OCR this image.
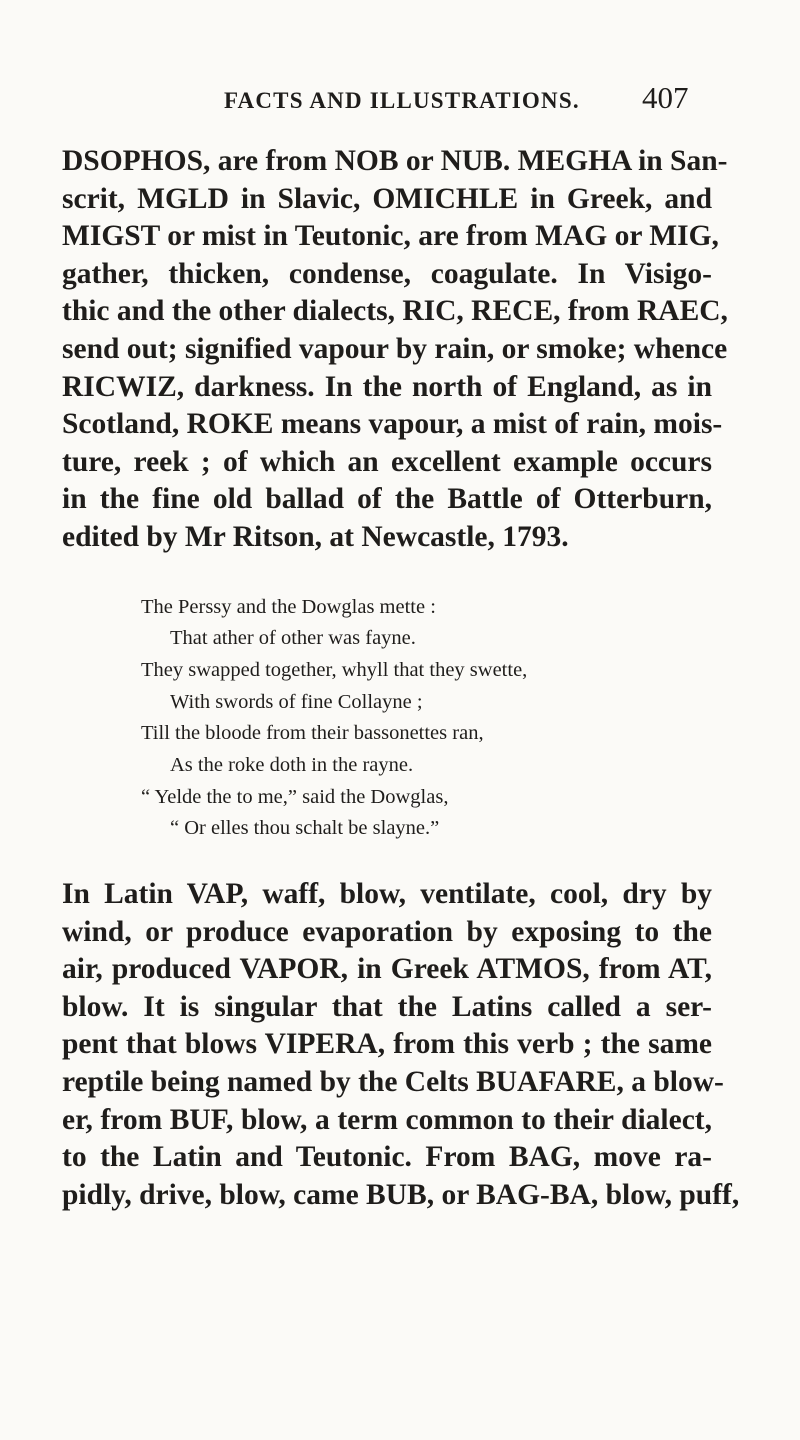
FACTS AND ILLUSTRATIONS. 407
DSOPHOS, are from NOB or NUB. MEGHA in San-
scrit, MGLD in Slavic, OMICHLE in Greek, and
MIGST or mist in Teutonic, are from MAG or MIG,
gather, thicken, condense, coagulate. In Visigo-
thic and the other dialects, RIC, RECE, from RAEC,
send out; signified vapour by rain, or smoke; whence
RICWIZ, darkness. In the north of England, as in
Scotland, ROKE means vapour, a mist of rain, mois-
ture, reek ; of which an excellent example occurs
in the fine old ballad of the Battle of Otterburn,
edited by Mr Ritson, at Newcastle, 1793.
The Perssy and the Dowglas mette :
That ather of other was fayne.
They swapped together, whyll that they swette,
With swords of fine Collayne ;
Till the bloode from their bassonettes ran,
As the roke doth in the rayne.
“ Yelde the to me,” said the Dowglas,
“ Or elles thou schalt be slayne.”
In Latin VAP, waff, blow, ventilate, cool, dry by
wind, or produce evaporation by exposing to the
air, produced VAPOR, in Greek ATMOS, from AT,
blow. It is singular that the Latins called a ser-
pent that blows VIPERA, from this verb ; the same
reptile being named by the Celts BUAFARE, a blow-
er, from BUF, blow, a term common to their dialect,
to the Latin and Teutonic. From BAG, move ra-
pidly, drive, blow, came BUB, or BAG-BA, blow, puff,
